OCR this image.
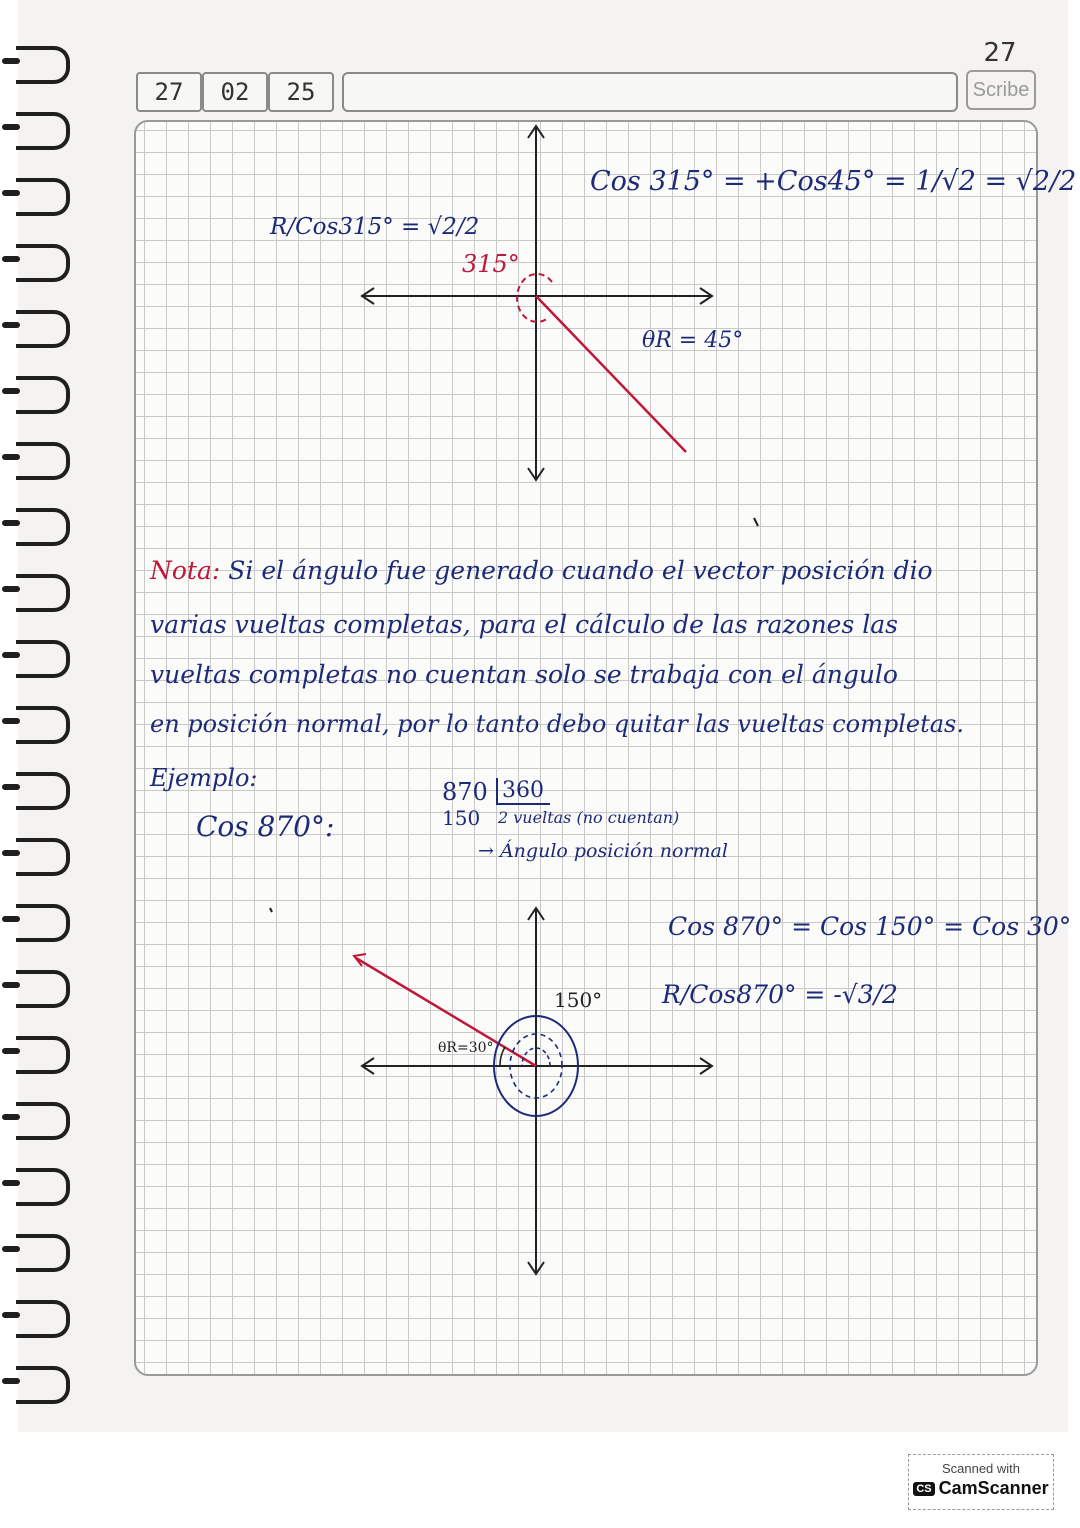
27	02	25
27
Scribe
Cos 315° = +Cos45° = 1/√2 = √2/2
R/Cos315° = √2/2
315°
θR = 45°
Nota: Si el ángulo fue generado cuando el vector posición dio
varias vueltas completas, para el cálculo de las razones las
vueltas completas no cuentan solo se trabaja con el ángulo
en posición normal, por lo tanto debo quitar las vueltas completas.
Ejemplo:
Cos 870°:
870 360
150 2 vueltas (no cuentan)
→ Ángulo posición normal
Cos 870° = Cos 150° = Cos 30°
R/Cos870° = -√3/2
150°
θR=30°
Scanned with
CS CamScanner
